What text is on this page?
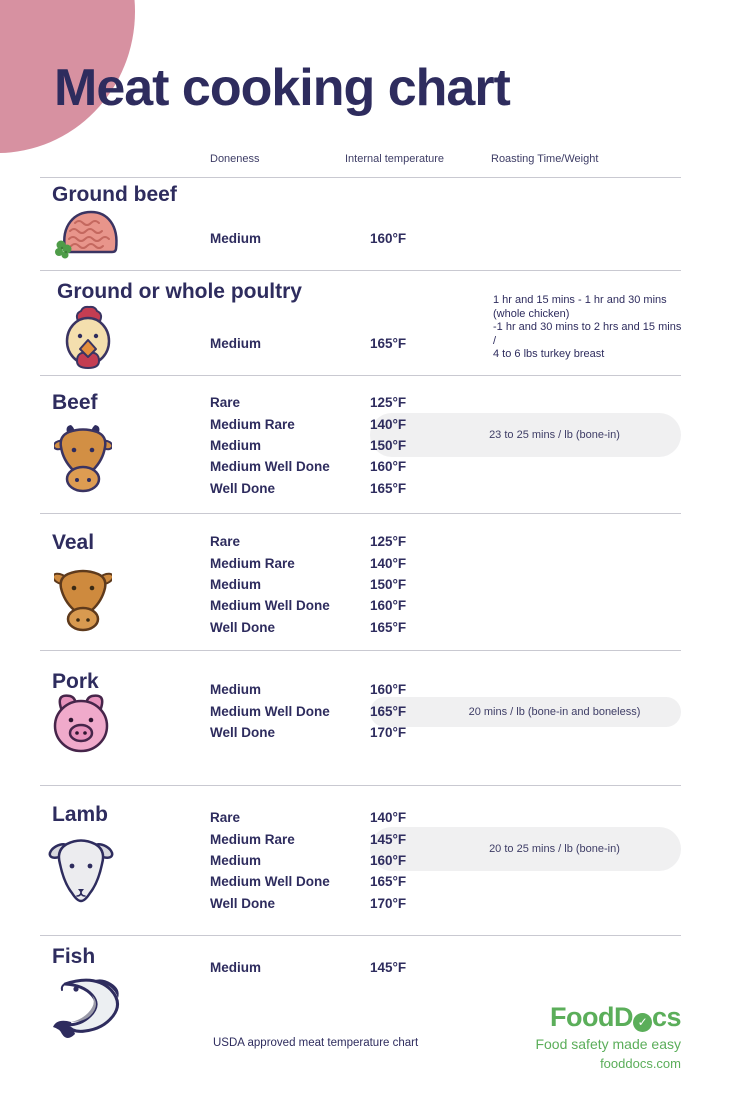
Meat cooking chart
Doneness	Internal temperature	Roasting Time/Weight
Ground beef
Medium	160°F
Ground or whole poultry	1 hr and 15 mins - 1 hr and 30 mins
(whole chicken)
-1 hr and 30 mins to 2 hrs and 15 mins /
4 to 6 lbs turkey breast
Medium	165°F
Beef
23 to 25 mins / lb (bone-in)
Rare	125°F
Medium Rare	140°F
Medium	150°F
Medium Well Done	160°F
Well Done	165°F
Veal	Rare	125°F
Medium Rare	140°F
Medium	150°F
Medium Well Done	160°F
Well Done	165°F
Pork
20 mins / lb (bone-in and boneless)
Medium	160°F
Medium Well Done	165°F
Well Done	170°F
Lamb
20 to 25 mins / lb (bone-in)
Rare	140°F
Medium Rare	145°F
Medium	160°F
Medium Well Done	165°F
Well Done	170°F
Fish	Medium	145°F
USDA approved meat temperature chart
FoodD ✓ cs
Food safety made easy
fooddocs.com
